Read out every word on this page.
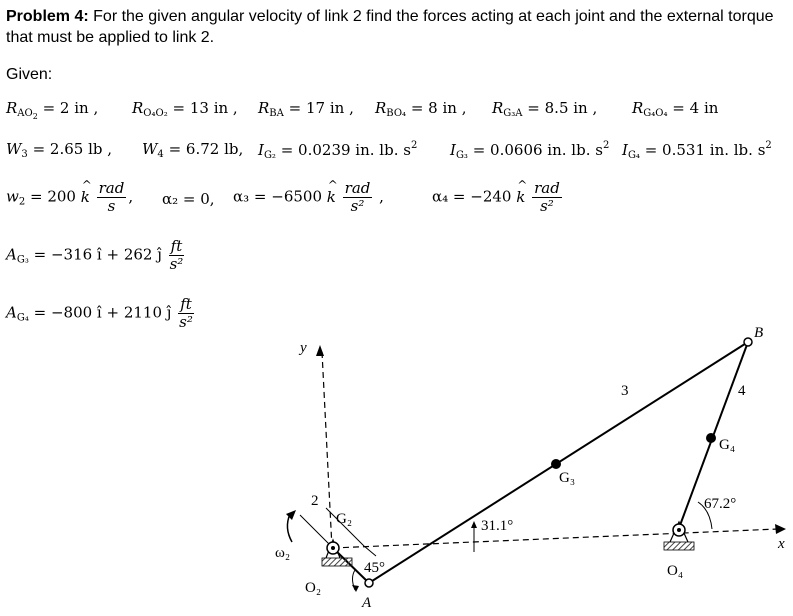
Problem 4: For the given angular velocity of link 2 find the forces acting at each joint and the external torque that must be applied to link 2.
Given:
$R_{AO_2} = 2$ in , $R_{O_4O_2} = 13$ in , $R_{BA} = 17$ in , $R_{BO_4} = 8$ in , $R_{G_3A} = 8.5$ in , $R_{G_4O_4} = 4$ in
$W_3 = 2.65$ lb , $W_4 = 6.72$ lb, $I_{G_2} = 0.0239$ in. lb. $s^2$ $I_{G_3} = 0.0606$ in. lb. $s^2$ $I_{G_4} = 0.531$ in. lb. $s^2$
$w_2 = 200$ ^ k $\frac{\text{rad}}{s}$ , α₂ = 0, α₃ = −6500 ^ k $\frac{\text{rad}}{\text{s²}}$ ,	α₄ = −240 ^ k $\frac{\text{rad}}{\text{s²}}$
$A_{G_3} = -316$ î + 262 ĵ $\frac{ft}{\text{s²}}$
$A_{G_4} = -800$ î + 2110 ĵ $\frac{ft}{\text{s²}}$
y
x
B
A
3	4
2
G₂
G₃
G₄
O₂
O₄
ω₂
45°
31.1°
67.2°
